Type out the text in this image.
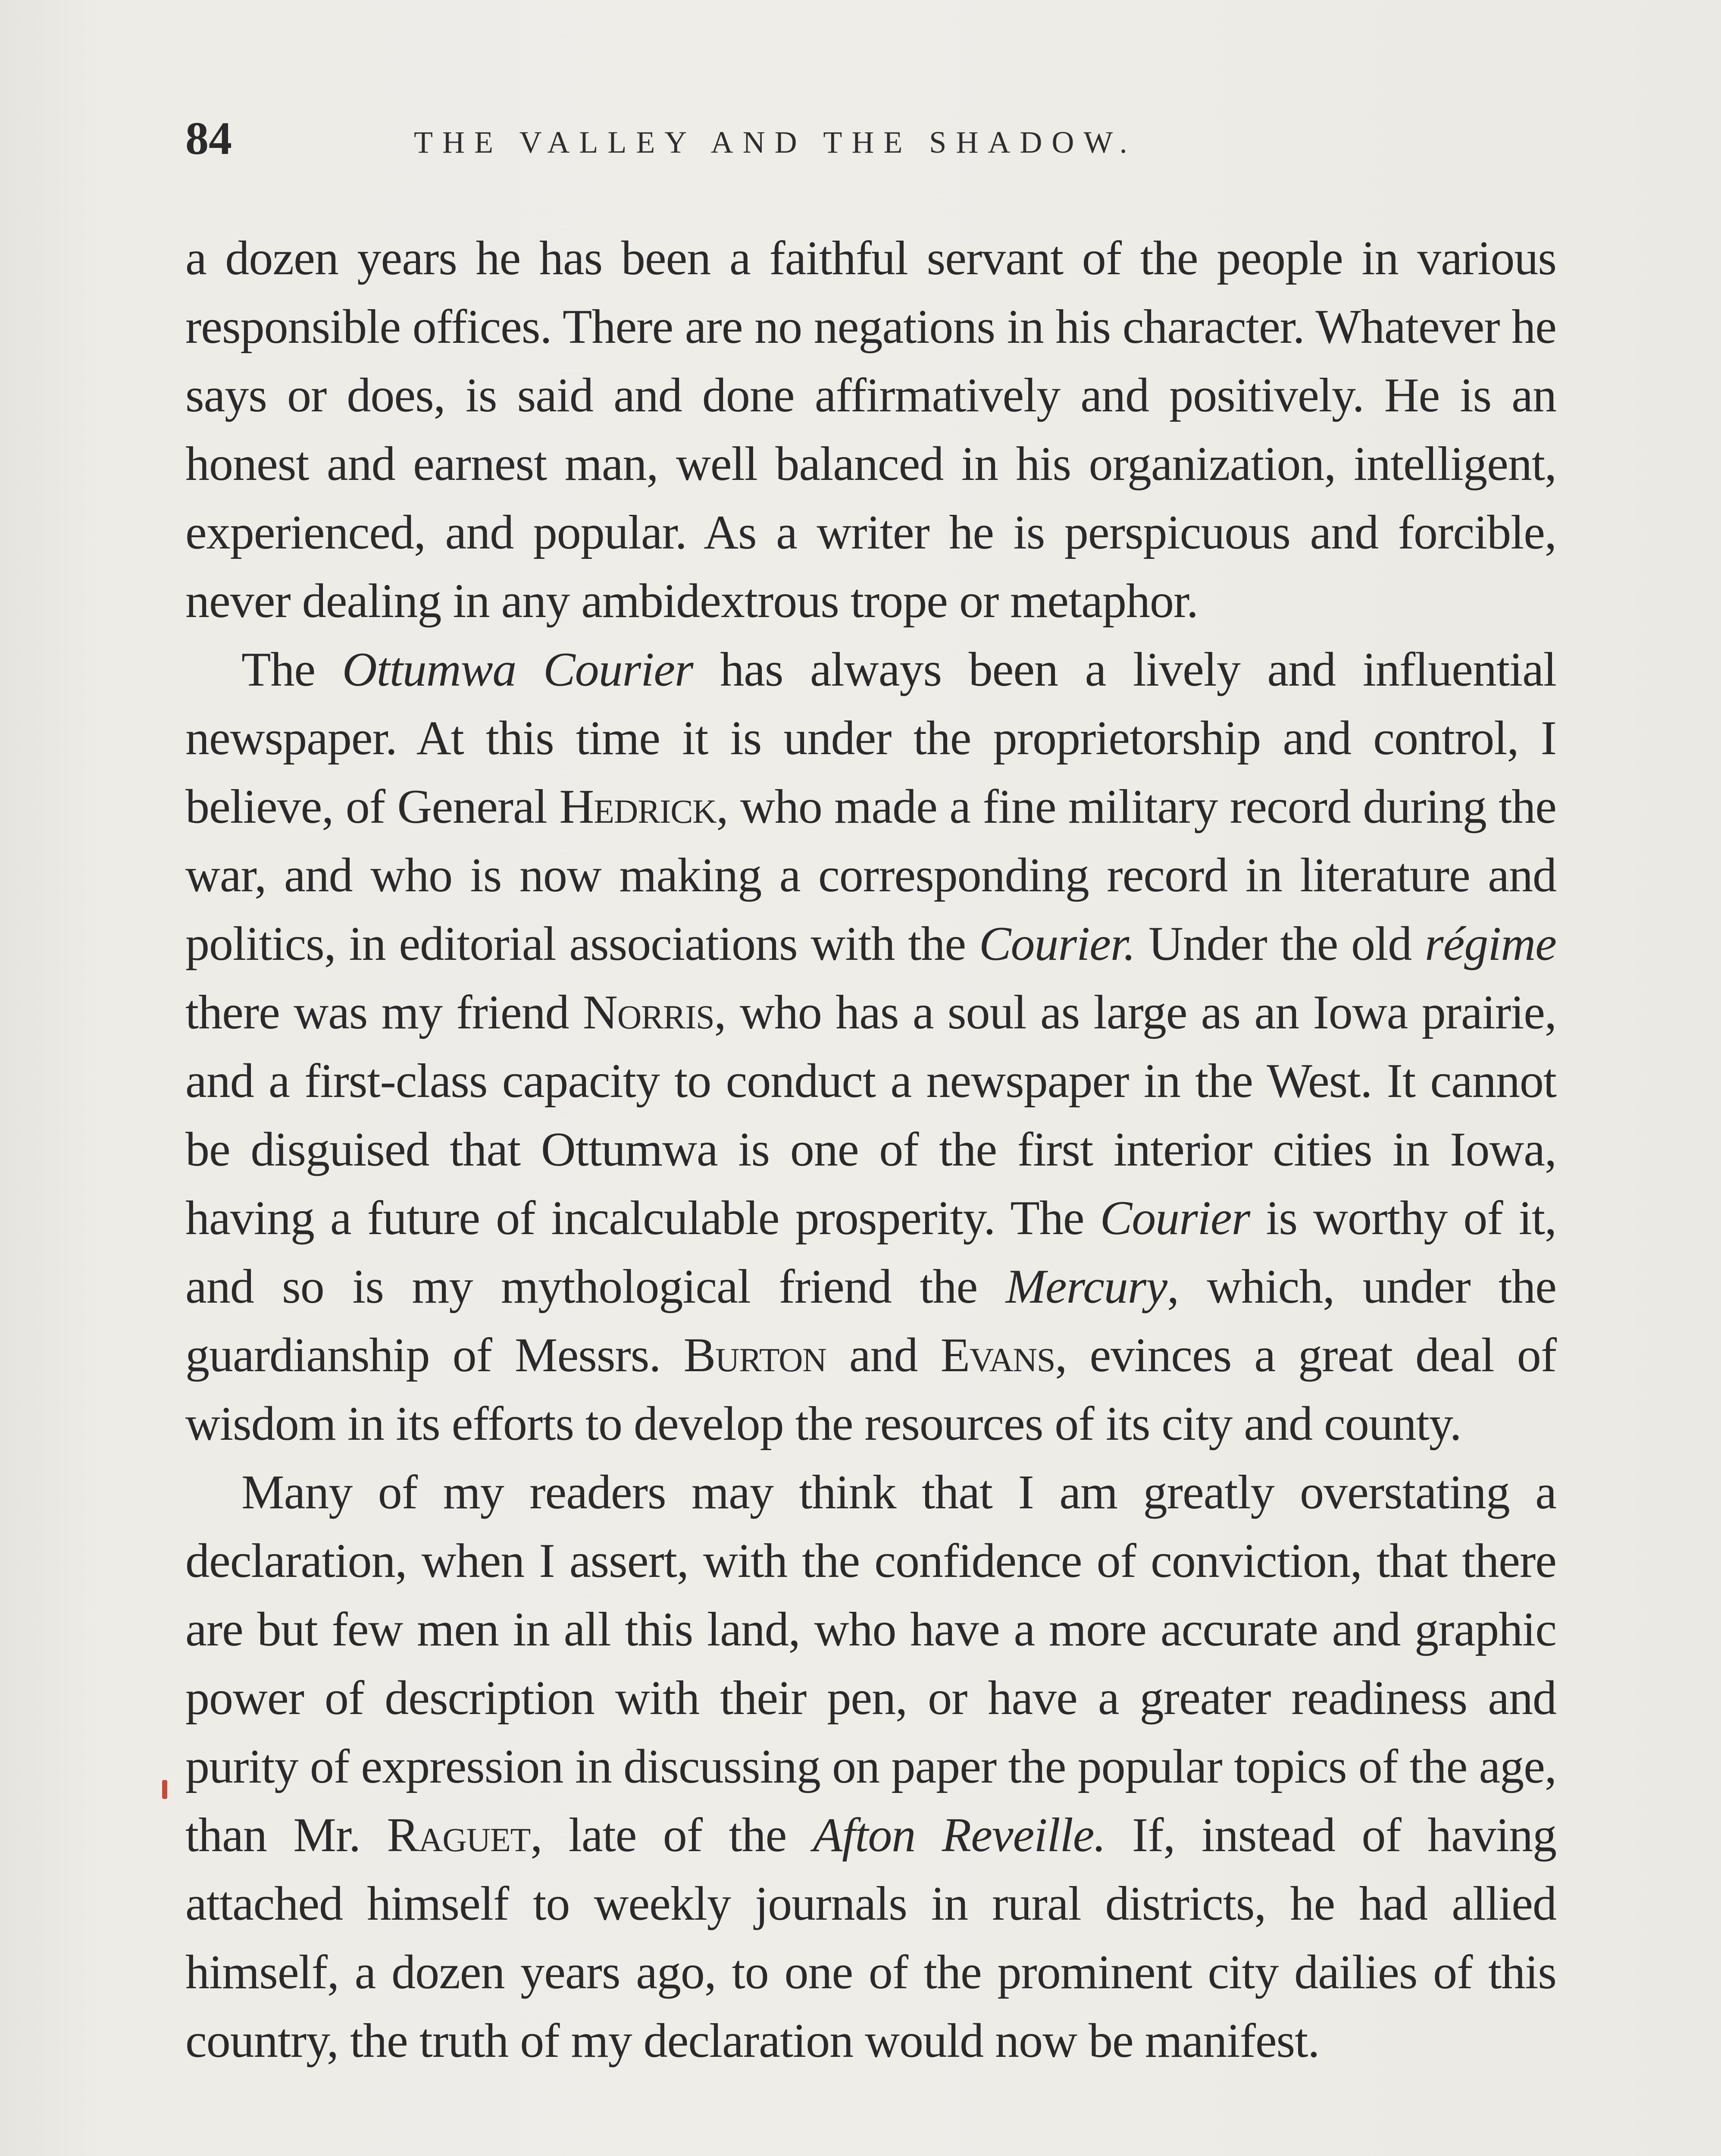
84	THE VALLEY AND THE SHADOW.

a dozen years he has been a faithful servant of the people in various responsible offices. There are no negations in his character. Whatever he says or does, is said and done affirmatively and positively. He is an honest and earnest man, well balanced in his organization, intelligent, experienced, and popular. As a writer he is perspicuous and forcible, never dealing in any ambidextrous trope or metaphor.

The Ottumwa Courier has always been a lively and influential newspaper. At this time it is under the proprietorship and control, I believe, of General Hedrick, who made a fine military record during the war, and who is now making a corresponding record in literature and politics, in editorial associations with the Courier. Under the old régime there was my friend Norris, who has a soul as large as an Iowa prairie, and a first-class capacity to conduct a newspaper in the West. It cannot be disguised that Ottumwa is one of the first interior cities in Iowa, having a future of incalculable prosperity. The Courier is worthy of it, and so is my mythological friend the Mercury, which, under the guardianship of Messrs. Burton and Evans, evinces a great deal of wisdom in its efforts to develop the resources of its city and county.

Many of my readers may think that I am greatly overstating a declaration, when I assert, with the confidence of conviction, that there are but few men in all this land, who have a more accurate and graphic power of description with their pen, or have a greater readiness and purity of expression in discussing on paper the popular topics of the age, than Mr. Raguet, late of the Afton Reveille. If, instead of having attached himself to weekly journals in rural districts, he had allied himself, a dozen years ago, to one of the prominent city dailies of this country, the truth of my declaration would now be manifest.
